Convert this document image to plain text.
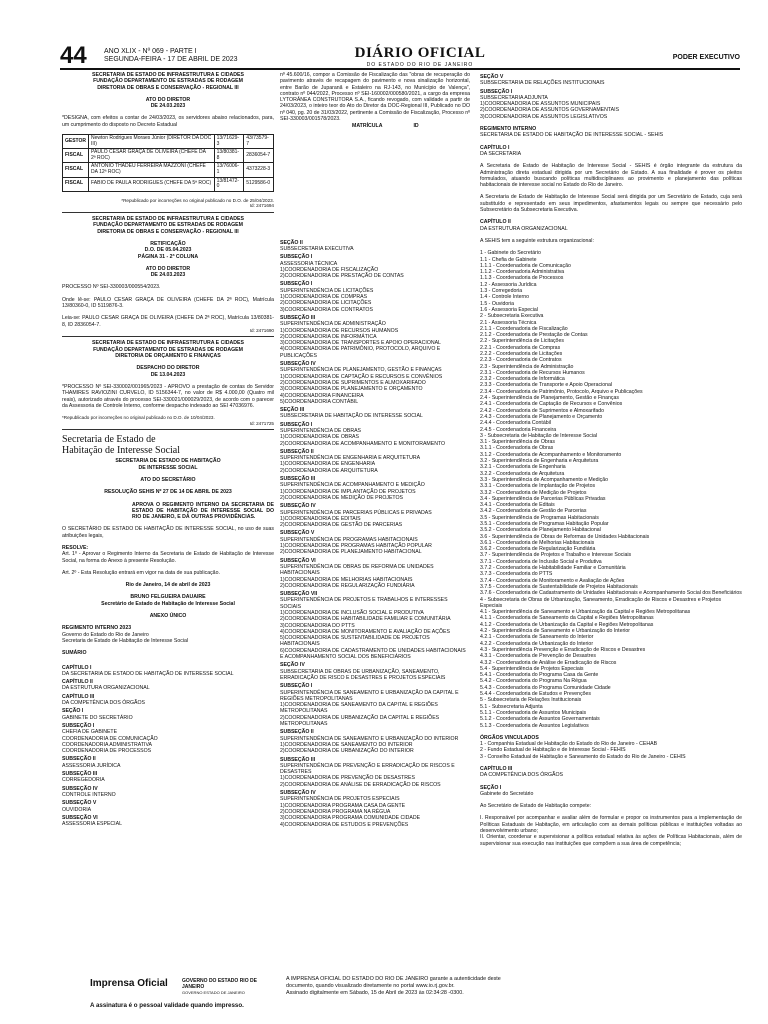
44 ANO XLIX - Nº 069 - PARTE I
SEGUNDA-FEIRA - 17 DE ABRIL DE 2023	DIÁRIO OFICIAL
DO ESTADO DO RIO DE JANEIRO
PODER EXECUTIVO
SECRETARIA DE ESTADO DE INFRAESTRUTURA E CIDADES
FUNDAÇÃO DEPARTAMENTO DE ESTRADAS DE RODAGEM
DIRETORIA DE OBRAS E CONSERVAÇÃO - REGIONAL III
ATO DO DIRETOR
DE 24.03.2023
*DESIGNA, com efeitos a contar de 24/03/2023, os servidores abaixo relacionados, para, um cumprimento do disposto no Decreto Estadual
GESTOR	Newton Rodrigues Moraes Júnior (DIRETOR DA DOC III)	13/71629-3	43/73579-7
FISCAL	PAULO CESAR GRAÇA DE OLIVEIRA (CHEFE DA 2ª ROC)	13/80381-8	2836054-7
FISCAL	ANTONIO THADEU FERREIRA MAZZONI (CHEFE DA 12ª ROC)	13/76006-1	4373228-3
FISCAL	FABIO DE PAULA RODRIGUES (CHEFE DA 5ª ROC)	13/81472-0	5129586-0
*Republicado por incorreções no original publicado no D.O. de 25/04/2023.
Id: 2471694
SECRETARIA DE ESTADO DE INFRAESTRUTURA E CIDADES
FUNDAÇÃO DEPARTAMENTO DE ESTRADAS DE RODAGEM
DIRETORIA DE OBRAS E CONSERVAÇÃO - REGIONAL III
RETIFICAÇÃO
D.O. DE 05.04.2023
PÁGINA 31 - 2ª COLUNA
ATO DO DIRETOR
DE 24.03.2023
PROCESSO Nº SEI-330003/000554/2023.
Onde lê-se: PAULO CESAR GRAÇA DE OLIVEIRA (CHEFE DA 2ª ROC), Matrícula 13/80360-0, ID 5119876-3.
Leia-se: PAULO CESAR GRAÇA DE OLIVEIRA (CHEFE DA 2ª ROC), Matrícula 13/80381-8, ID 2836054-7.
Id: 2471690
SECRETARIA DE ESTADO DE INFRAESTRUTURA E CIDADES
FUNDAÇÃO DEPARTAMENTO DE ESTRADAS DE RODAGEM
DIRETORIA DE ORÇAMENTO E FINANÇAS
DESPACHO DO DIRETOR
DE 13.04.2023
*PROCESSO Nº SEI-330002/001965/2023 - APROVO a prestação de contas do Servidor THAMIRES RAVIOZINI CURVELO, ID 5156344-7, no valor de R$ 4.000,00 (Quatro mil reais), autorizado através do processo SEI-330021/000029/2023, de acordo com o parecer da Assessoria de Controle Interno, conforme despacho indexado ao SEI 47036976.
*Republicado por incorreções no original publicado no D.O. de 10/04/2023.
Id: 2471725
Secretaria de Estado de
Habitação de Interesse Social
SECRETARIA DE ESTADO DE HABITAÇÃO
DE INTERESSE SOCIAL
ATO DO SECRETÁRIO
RESOLUÇÃO SEHIS Nº 27 DE 14 DE ABRIL DE 2023
APROVA O REGIMENTO INTERNO DA SECRETARIA DE ESTADO DE HABITAÇÃO DE INTERESSE SOCIAL DO RIO DE JANEIRO, E DÁ OUTRAS PROVIDÊNCIAS.
O SECRETÁRIO DE ESTADO DE HABITAÇÃO DE INTERESSE SOCIAL, no uso de suas atribuições legais,
RESOLVE:
Art. 1º - Aprovar o Regimento Interno da Secretaria de Estado de Habitação de Interesse Social, na forma do Anexo à presente Resolução.
Art. 2º - Esta Resolução entrará em vigor na data de sua publicação.
Rio de Janeiro, 14 de abril de 2023
BRUNO FELGUEIRA DAUAIRE
Secretário de Estado de Habitação de Interesse Social
ANEXO ÚNICO
REGIMENTO INTERNO 2023
Governo do Estado do Rio de Janeiro
Secretaria de Estado de Habitação de Interesse Social
SUMÁRIO
CAPÍTULO I
DA SECRETARIA DE ESTADO DE HABITAÇÃO DE INTERESSE SOCIAL
CAPÍTULO II
DA ESTRUTURA ORGANIZACIONAL
CAPÍTULO III
DA COMPETÊNCIA DOS ÓRGÃOS
SEÇÃO I
GABINETE DO SECRETÁRIO
SUBSEÇÃO I
CHEFIA DE GABINETE
COORDENADORIA DE COMUNICAÇÃO
COORDENADORIA ADMINISTRATIVA
COORDENADORIA DE PROCESSOS
SUBSEÇÃO II
ASSESSORIA JURÍDICA
SUBSEÇÃO III
CORREGEDORIA
SUBSEÇÃO IV
CONTROLE INTERNO
SUBSEÇÃO V
OUVIDORIA
SUBSEÇÃO VI
ASSESSORIA ESPECIAL
nº 45.600/16, compor a Comissão de Fiscalização das "obras de recuperação do pavimento através de recapagem do pavimento e nova sinalização horizontal, entre Barão de Juparanã e Estaleiro na RJ-143, no Município de Valença", contrato nº 044/2022, Processo nº SEI-160002/000580/2021, a cargo da empresa LYTORÂNEA CONSTRUTORA S.A., ficando revogado, com validade a partir de 24/03/2023, o inteiro teor do Ato do Diretor da DOC-Regional III, Publicado no DO nº 040, pg. 20 de 31/03/2022, pertinente a Comissão de Fiscalização, Processo nº SEI-330003/001578/2023.
MATRÍCULA	ID
SEÇÃO II
SUBSECRETARIA EXECUTIVA
SUBSEÇÃO I
ASSESSORIA TÉCNICA
1)COORDENADORIA DE FISCALIZAÇÃO
2)COORDENADORIA DE PRESTAÇÃO DE CONTAS
SUBSEÇÃO I
SUPERINTENDÊNCIA DE LICITAÇÕES
1)COORDENADORIA DE COMPRAS
2)COORDENADORIA DE LICITAÇÕES
3)COORDENADORIA DE CONTRATOS
SUBSEÇÃO III
SUPERINTENDÊNCIA DE ADMINISTRAÇÃO
1)COORDENADORIA DE RECURSOS HUMANOS
2)COORDENADORIA DE INFORMÁTICA
3)COORDENADORIA DE TRANSPORTES E APOIO OPERACIONAL
4)COORDENADORIA DE PATRIMÔNIO, PROTOCOLO, ARQUIVO E PUBLICAÇÕES
SUBSEÇÃO IV
SUPERINTENDÊNCIA DE PLANEJAMENTO, GESTÃO E FINANÇAS
1)COORDENADORIA DE CAPTAÇÃO E RECURSOS E CONVÊNIOS
2)COORDENADORIA DE SUPRIMENTOS E ALMOXARIFADO
3)COORDENADORIA DE PLANEJAMENTO E ORÇAMENTO
4)COORDENADORIA FINANCEIRA
5)COORDENADORIA CONTÁBIL
SEÇÃO III
SUBSECRETARIA DE HABITAÇÃO DE INTERESSE SOCIAL
SUBSEÇÃO I
SUPERINTENDÊNCIA DE OBRAS
1)COORDENADORIA DE OBRAS
2)COORDENADORIA DE ACOMPANHAMENTO E MONITORAMENTO
SUBSEÇÃO II
SUPERINTENDÊNCIA DE ENGENHARIA E ARQUITETURA
1)COORDENADORIA DE ENGENHARIA
2)COORDENADORIA DE ARQUITETURA
SUBSEÇÃO III
SUPERINTENDÊNCIA DE ACOMPANHAMENTO E MEDIÇÃO
1)COORDENADORIA DE IMPLANTAÇÃO DE PROJETOS
2)COORDENADORIA DE MEDIÇÃO DE PROJETOS
SUBSEÇÃO IV
SUPERINTENDÊNCIA DE PARCERIAS PÚBLICAS E PRIVADAS
1)COORDENADORIA DE EDITAIS
2)COORDENADORIA DE GESTÃO DE PARCERIAS
SUBSEÇÃO V
SUPERINTENDÊNCIA DE PROGRAMAS HABITACIONAIS
1)COORDENADORIA DE PROGRAMAS HABITAÇÃO POPULAR
2)COORDENADORIA DE PLANEJAMENTO HABITACIONAL
SUBSEÇÃO VI
SUPERINTENDÊNCIA DE OBRAS DE REFORMA DE UNIDADES HABITACIONAIS
1)COORDENADORIA DE MELHORIAS HABITACIONAIS
2)COORDENADORIA DE REGULARIZAÇÃO FUNDIÁRIA
SUBSEÇÃO VII
SUPERINTENDÊNCIA DE PROJETOS E TRABALHOS E INTERESSES SOCIAIS
1)COORDENADORIA DE INCLUSÃO SOCIAL E PRODUTIVA
2)COORDENADORIA DE HABITABILIDADE FAMILIAR E COMUNITÁRIA
3)COORDENADORIA DO PTTS
4)COORDENADORIA DE MONITORAMENTO E AVALIAÇÃO DE AÇÕES
5)COORDENADORIA DE SUSTENTABILIDADE DE PROJETOS HABITACIONAIS
6)COORDENADORIA DE CADASTRAMENTO DE UNIDADES HABITACIONAIS E ACOMPANHAMENTO SOCIAL DOS BENEFICIÁRIOS
SEÇÃO IV
SUBSECRETARIA DE OBRAS DE URBANIZAÇÃO, SANEAMENTO, ERRADICAÇÃO DE RISCO E DESASTRES E PROJETOS ESPECIAIS
SUBSEÇÃO I
SUPERINTENDÊNCIA DE SANEAMENTO E URBANIZAÇÃO DA CAPITAL E REGIÕES METROPOLITANAS
1)COORDENADORIA DE SANEAMENTO DA CAPITAL E REGIÕES METROPOLITANAS
2)COORDENADORIA DE URBANIZAÇÃO DA CAPITAL E REGIÕES METROPOLITANAS
SUBSEÇÃO II
SUPERINTENDÊNCIA DE SANEAMENTO E URBANIZAÇÃO DO INTERIOR
1)COORDENADORIA DE SANEAMENTO DO INTERIOR
2)COORDENADORIA DE URBANIZAÇÃO DO INTERIOR
SUBSEÇÃO III
SUPERINTENDÊNCIA DE PREVENÇÃO E ERRADICAÇÃO DE RISCOS E DESASTRES
1)COORDENADORIA DE PREVENÇÃO DE DESASTRES
2)COORDENADORIA DE ANÁLISE DE ERRADICAÇÃO DE RISCOS
SUBSEÇÃO IV
SUPERINTENDÊNCIA DE PROJETOS ESPECIAIS
1)COORDENADORIA PROGRAMA CASA DA GENTE
2)COORDENADORIA PROGRAMA NA RÉGUA
3)COORDENADORIA PROGRAMA COMUNIDADE CIDADE
4)COORDENADORIA DE ESTUDOS E PREVENÇÕES
SEÇÃO V
SUBSECRETARIA DE RELAÇÕES INSTITUCIONAIS
SUBSEÇÃO I
SUBSECRETARIA ADJUNTA
1)COORDENADORIA DE ASSUNTOS MUNICIPAIS
2)COORDENADORIA DE ASSUNTOS GOVERNAMENTAIS
3)COORDENADORIA DE ASSUNTOS LEGISLATIVOS
REGIMENTO INTERNO
SECRETARIA DE ESTADO DE HABITAÇÃO DE INTERESSE SOCIAL - SEHIS
CAPÍTULO I
DA SECRETARIA
A Secretaria de Estado de Habitação de Interesse Social - SEHIS é órgão integrante da estrutura da Administração direta estadual dirigida por um Secretário de Estado. A sua finalidade é prover os pleitos formulados, atuando buscando políticas multidisciplinares ao provimento e planejamento das políticas habitacionais de interesse social no Estado do Rio de Janeiro.
A Secretaria de Estado de Habitação de Interesse Social será dirigida por um Secretário de Estado, cuja será substituído e representado em seus impedimentos, afastamentos legais ou sempre que necessário pelo Subsecretário da Subsecretaria Executiva.
CAPÍTULO II
DA ESTRUTURA ORGANIZACIONAL
A SEHIS tem a seguinte estrutura organizacional:
1 - Gabinete do Secretário
1.1 - Chefia de Gabinete
1.1.1 - Coordenadoria de Comunicação
1.1.2 - Coordenadoria Administrativa
1.1.3 - Coordenadoria de Processos
1.2 - Assessoria Jurídica
1.3 - Corregedoria
1.4 - Controle Interno
1.5 - Ouvidoria
1.6 - Assessoria Especial
2 - Subsecretaria Executiva
2.1 - Assessoria Técnica
2.1.1 - Coordenadoria de Fiscalização
2.1.2 - Coordenadoria de Prestação de Contas
2.2 - Superintendência de Licitações
2.2.1 - Coordenadoria de Compras
2.2.2 - Coordenadoria de Licitações
2.2.3 - Coordenadoria de Contratos
2.3 - Superintendência de Administração
2.3.1 - Coordenadoria de Recursos Humanos
2.3.2 - Coordenadoria de Informática
2.3.3 - Coordenadoria de Transporte e Apoio Operacional
2.3.4 - Coordenadoria de Patrimônio, Protocolo, Arquivo e Publicações
2.4 - Superintendência de Planejamento, Gestão e Finanças
2.4.1 - Coordenadoria de Captação de Recursos e Convênios
2.4.2 - Coordenadoria de Suprimentos e Almoxarifado
2.4.3 - Coordenadoria de Planejamento e Orçamento
2.4.4 - Coordenadoria Contábil
2.4.5 - Coordenadoria Financeira
3 - Subsecretaria de Habitação de Interesse Social
3.1 - Superintendência de Obras
3.1.1 - Coordenadoria de Obras
3.1.2 - Coordenadoria de Acompanhamento e Monitoramento
3.2 - Superintendência de Engenharia e Arquitetura
3.2.1 - Coordenadoria de Engenharia
3.2.2 - Coordenadoria de Arquitetura
3.3 - Superintendência de Acompanhamento e Medição
3.3.1 - Coordenadoria de Implantação de Projetos
3.3.2 - Coordenadoria de Medição de Projetos
3.4 - Superintendência de Parcerias Públicas Privadas
3.4.1 - Coordenadoria de Editais
3.4.2 - Coordenadoria de Gestão de Parcerias
3.5 - Superintendência de Programas Habitacionais
3.5.1 - Coordenadoria de Programas Habitação Popular
3.5.2 - Coordenadoria de Planejamento Habitacional
3.6 - Superintendência de Obras de Reformas de Unidades Habitacionais
3.6.1 - Coordenadoria de Melhorias Habitacionais
3.6.2 - Coordenadoria de Regularização Fundiária
3.7 - Superintendência de Projetos e Trabalho e Interesse Sociais
3.7.1 - Coordenadoria de Inclusão Social e Produtiva
3.7.2 - Coordenadoria de Habitabilidade Familiar e Comunitária
3.7.3 - Coordenadoria do PTTS
3.7.4 - Coordenadoria de Monitoramento e Avaliação de Ações
3.7.5 - Coordenadoria de Sustentabilidade de Projetos Habitacionais
3.7.6 - Coordenadoria de Cadastramento de Unidades Habitacionais e Acompanhamento Social dos Beneficiários
4 - Subsecretaria de Obras de Urbanização, Saneamento, Erradicação de Riscos e Desastres e Projetos Especiais
4.1 - Superintendência de Saneamento e Urbanização da Capital e Regiões Metropolitanas
4.1.1 - Coordenadoria de Saneamento da Capital e Regiões Metropolitanas
4.1.2 - Coordenadoria de Urbanização da Capital e Regiões Metropolitanas
4.2 - Superintendência de Saneamento e Urbanização do Interior
4.2.1 - Coordenadoria de Saneamento do Interior
4.2.2 - Coordenadoria de Urbanização do Interior
4.3 - Superintendência Prevenção e Erradicação de Riscos e Desastres
4.3.1 - Coordenadoria de Prevenção de Desastres
4.3.2 - Coordenadoria de Análise de Erradicação de Riscos
5.4 - Superintendência de Projetos Especiais
5.4.1 - Coordenadoria do Programa Casa da Gente
5.4.2 - Coordenadoria do Programa Na Régua
5.4.3 - Coordenadoria do Programa Comunidade Cidade
5.4.4 - Coordenadoria de Estudos e Prevenções
5 - Subsecretaria de Relações Institucionais
5.1 - Subsecretaria Adjunta
5.1.1 - Coordenadoria de Assuntos Municipais
5.1.2 - Coordenadoria de Assuntos Governamentais
5.1.3 - Coordenadoria de Assuntos Legislativos
ÓRGÃOS VINCULADOS
1 - Companhia Estadual de Habitação do Estado do Rio de Janeiro - CEHAB
2 - Fundo Estadual de Habitação e de Interesse Social - FEHIS
3 - Conselho Estadual de Habitação e Saneamento do Estado do Rio de Janeiro - CEHIS
CAPÍTULO III
DA COMPETÊNCIA DOS ÓRGÃOS
SEÇÃO I
Gabinete do Secretário
Ao Secretário de Estado de Habitação compete:
I. Responsável por acompanhar e avaliar além de formular e propor os instrumentos para a implementação de Políticas Estaduais de Habitação, em articulação com as demais políticas públicas e instituições voltadas ao desenvolvimento urbano;
II. Orientar, coordenar e supervisionar a política estadual relativa às ações de Políticas Habitacionais, além de supervisionar sua execução nas instituições que compõem a sua área de competência;
Imprensa Oficial	GOVERNO DO ESTADO RIO DE JANEIRO
GOVERNO ESTADO DE JANEIRO
A assinatura é o pessoal validade quando impresso.
A IMPRENSA OFICIAL DO ESTADO DO RIO DE JANEIRO garante a autenticidade deste
documento, quando visualizado diretamente no portal www.io.rj.gov.br.
Assinado digitalmente em Sábado, 15 de Abril de 2023 às 02:34:28 -0300.
